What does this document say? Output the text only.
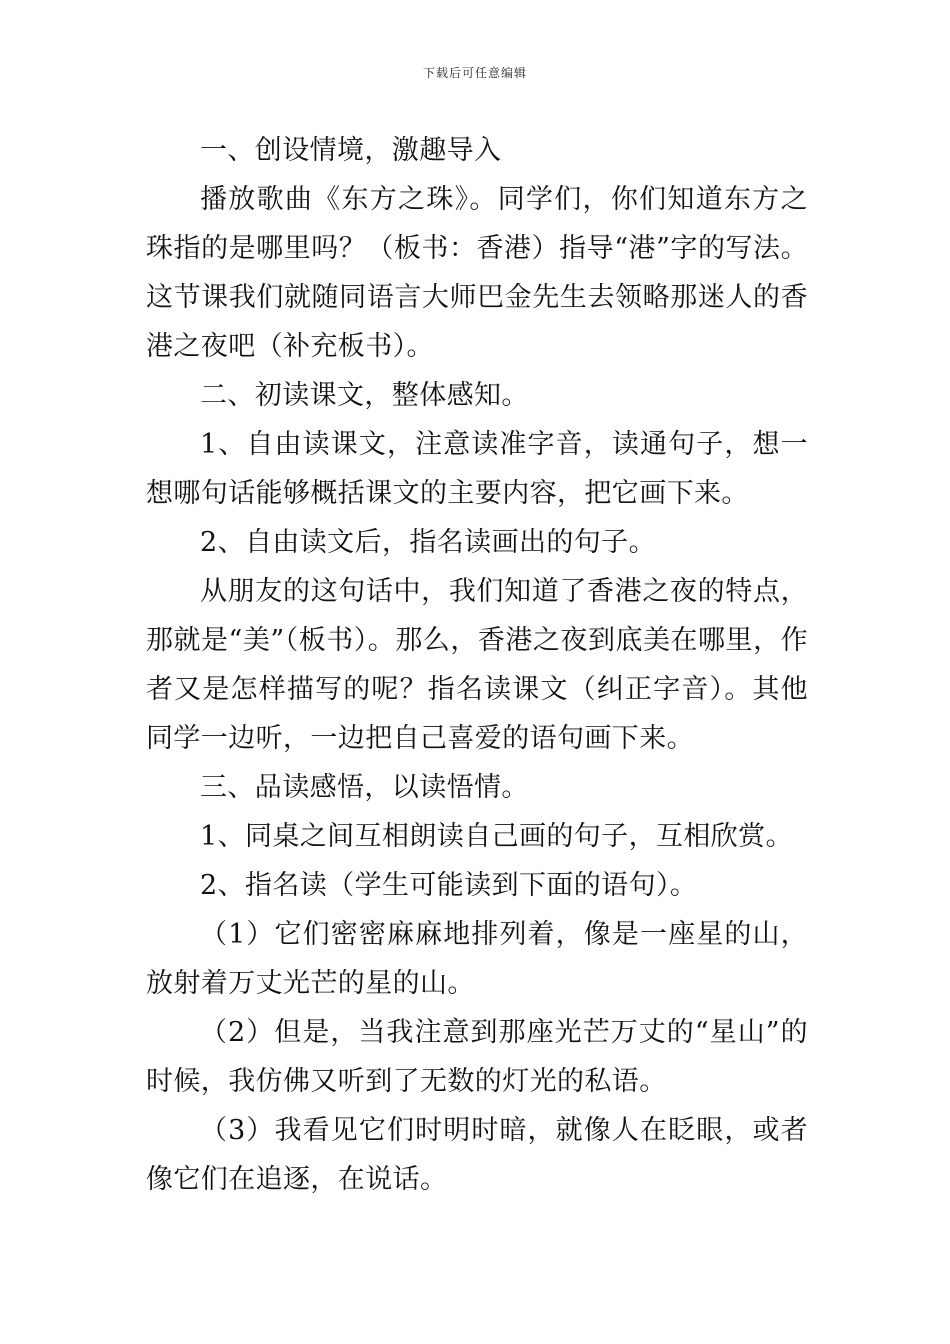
下载后可任意编辑

一、创设情境，激趣导入

播放歌曲《东方之珠》。同学们，你们知道东方之珠指的是哪里吗？（板书：香港）指导“港”字的写法。这节课我们就随同语言大师巴金先生去领略那迷人的香港之夜吧（补充板书）。

二、初读课文，整体感知。

1、自由读课文，注意读准字音，读通句子，想一想哪句话能够概括课文的主要内容，把它画下来。

2、自由读文后，指名读画出的句子。

从朋友的这句话中，我们知道了香港之夜的特点，那就是“美”（板书）。那么，香港之夜到底美在哪里，作者又是怎样描写的呢？指名读课文（纠正字音）。其他同学一边听，一边把自己喜爱的语句画下来。

三、品读感悟，以读悟情。

1、同桌之间互相朗读自己画的句子，互相欣赏。

2、指名读（学生可能读到下面的语句）。

（1）它们密密麻麻地排列着，像是一座星的山，放射着万丈光芒的星的山。

（2）但是，当我注意到那座光芒万丈的“星山”的时候，我仿佛又听到了无数的灯光的私语。

（3）我看见它们时明时暗，就像人在眨眼，或者像它们在追逐，在说话。
